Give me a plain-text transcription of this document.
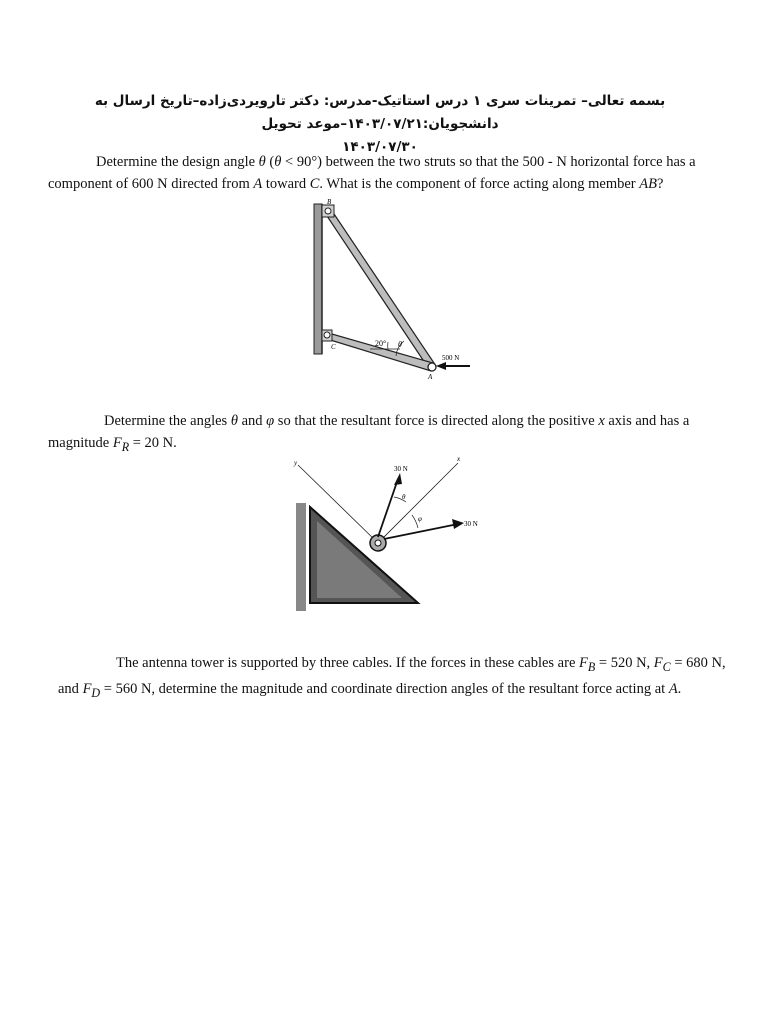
بسمه تعالی– تمرینات سری ۱ درس استاتیک-مدرس: دکتر تارویردی‌زاده–تاریخ ارسال به دانشجویان:۱۴۰۳/۰۷/۲۱–موعد تحویل
۱۴۰۳/۰۷/۳۰
Determine the design angle θ (θ < 90°) between the two struts so that the 500 - N horizontal force has a component of 600 N directed from A toward C. What is the component of force acting along member AB?
B
C
A
20° θ
500 N
Determine the angles θ and φ so that the resultant force is directed along the positive x axis and has a magnitude $F_R = 20$ N.
y	x
30 N
30 N
θ
φ
The antenna tower is supported by three cables. If the forces in these cables are $F_B = 520$ N, $F_C = 680$ N, and $F_D = 560$ N, determine the magnitude and coordinate direction angles of the resultant force acting at A.
